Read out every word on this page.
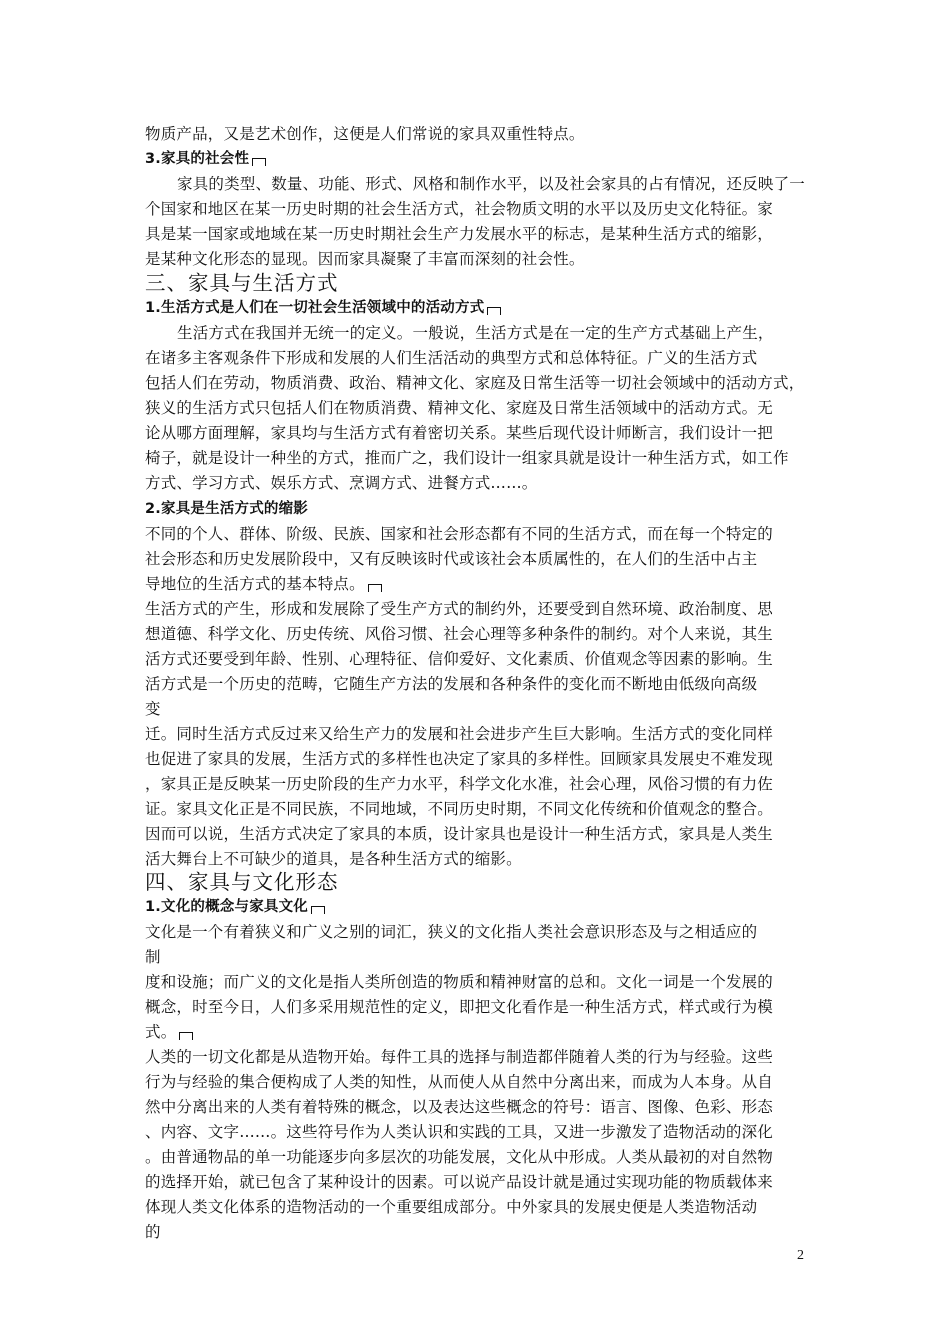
物质产品，又是艺术创作，这便是人们常说的家具双重性特点。
3.家具的社会性
家具的类型、数量、功能、形式、风格和制作水平，以及社会家具的占有情况，还反映了一
个国家和地区在某一历史时期的社会生活方式，社会物质文明的水平以及历史文化特征。家
具是某一国家或地域在某一历史时期社会生产力发展水平的标志，是某种生活方式的缩影，
是某种文化形态的显现。因而家具凝聚了丰富而深刻的社会性。
三、家具与生活方式
1.生活方式是人们在一切社会生活领域中的活动方式
生活方式在我国并无统一的定义。一般说，生活方式是在一定的生产方式基础上产生，
在诸多主客观条件下形成和发展的人们生活活动的典型方式和总体特征。广义的生活方式
包括人们在劳动，物质消费、政治、精神文化、家庭及日常生活等一切社会领域中的活动方式，
狭义的生活方式只包括人们在物质消费、精神文化、家庭及日常生活领域中的活动方式。无
论从哪方面理解，家具均与生活方式有着密切关系。某些后现代设计师断言，我们设计一把
椅子，就是设计一种坐的方式，推而广之，我们设计一组家具就是设计一种生活方式，如工作
方式、学习方式、娱乐方式、烹调方式、进餐方式……。
2.家具是生活方式的缩影
不同的个人、群体、阶级、民族、国家和社会形态都有不同的生活方式，而在每一个特定的
社会形态和历史发展阶段中，又有反映该时代或该社会本质属性的，在人们的生活中占主
导地位的生活方式的基本特点。
生活方式的产生，形成和发展除了受生产方式的制约外，还要受到自然环境、政治制度、思
想道德、科学文化、历史传统、风俗习惯、社会心理等多种条件的制约。对个人来说，其生
活方式还要受到年龄、性别、心理特征、信仰爱好、文化素质、价值观念等因素的影响。生
活方式是一个历史的范畴，它随生产方法的发展和各种条件的变化而不断地由低级向高级
变
迁。同时生活方式反过来又给生产力的发展和社会进步产生巨大影响。生活方式的变化同样
也促进了家具的发展，生活方式的多样性也决定了家具的多样性。回顾家具发展史不难发现
，家具正是反映某一历史阶段的生产力水平，科学文化水准，社会心理，风俗习惯的有力佐
证。家具文化正是不同民族，不同地域，不同历史时期，不同文化传统和价值观念的整合。
因而可以说，生活方式决定了家具的本质，设计家具也是设计一种生活方式，家具是人类生
活大舞台上不可缺少的道具，是各种生活方式的缩影。
四、家具与文化形态
1.文化的概念与家具文化
文化是一个有着狭义和广义之别的词汇，狭义的文化指人类社会意识形态及与之相适应的
制
度和设施；而广义的文化是指人类所创造的物质和精神财富的总和。文化一词是一个发展的
概念，时至今日，人们多采用规范性的定义，即把文化看作是一种生活方式，样式或行为模
式。
人类的一切文化都是从造物开始。每件工具的选择与制造都伴随着人类的行为与经验。这些
行为与经验的集合便构成了人类的知性，从而使人从自然中分离出来，而成为人本身。从自
然中分离出来的人类有着特殊的概念，以及表达这些概念的符号：语言、图像、色彩、形态
、内容、文字……。这些符号作为人类认识和实践的工具，又进一步激发了造物活动的深化
。由普通物品的单一功能逐步向多层次的功能发展，文化从中形成。人类从最初的对自然物
的选择开始，就已包含了某种设计的因素。可以说产品设计就是通过实现功能的物质载体来
体现人类文化体系的造物活动的一个重要组成部分。中外家具的发展史便是人类造物活动
的
2
